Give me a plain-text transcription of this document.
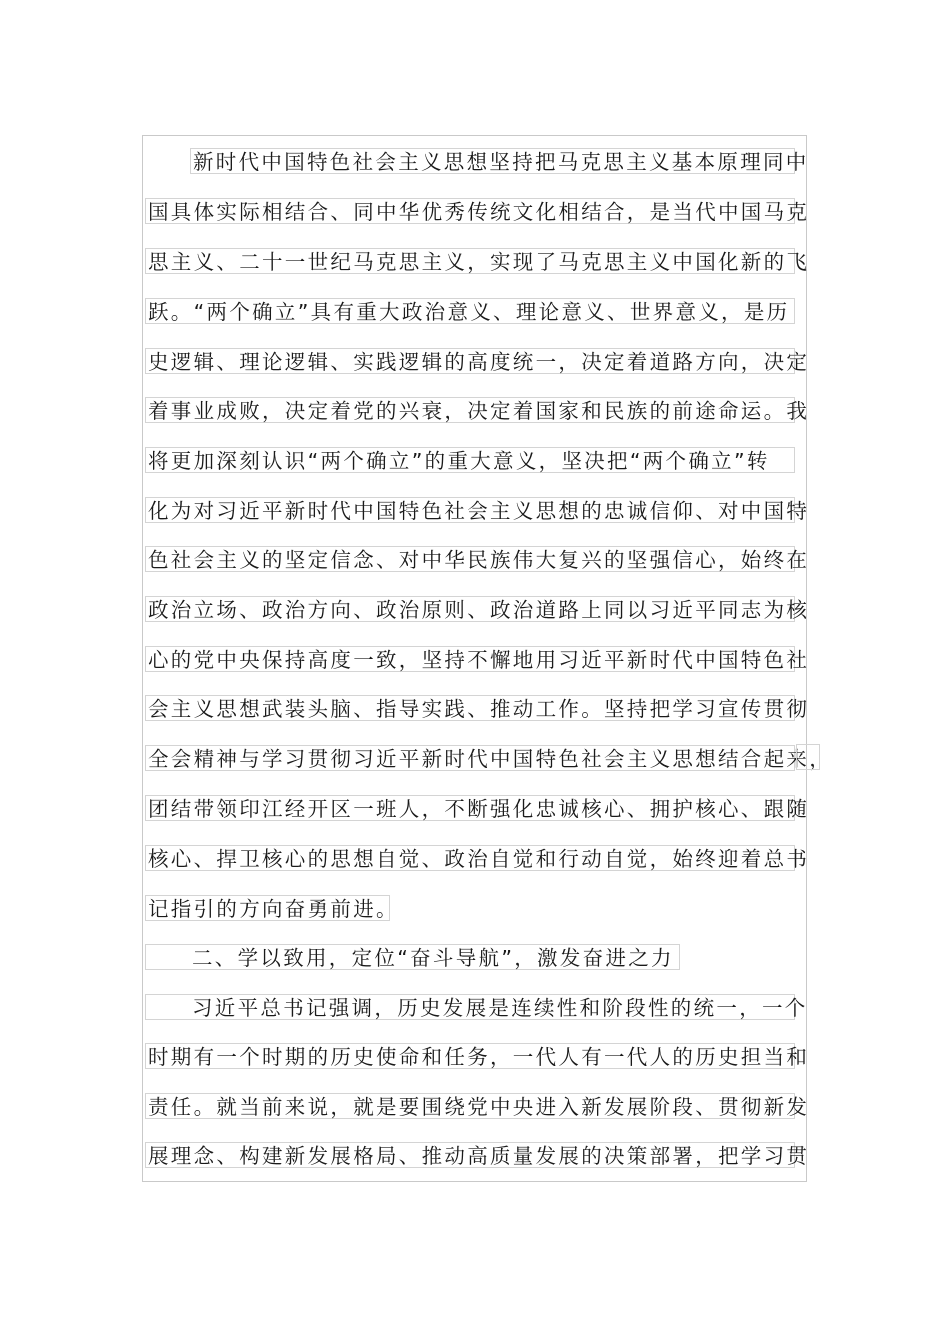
新时代中国特色社会主义思想坚持把马克思主义基本原理同中
国具体实际相结合、同中华优秀传统文化相结合，是当代中国马克
思主义、二十一世纪马克思主义，实现了马克思主义中国化新的飞
跃。“两个确立”具有重大政治意义、理论意义、世界意义，是历
史逻辑、理论逻辑、实践逻辑的高度统一，决定着道路方向，决定
着事业成败，决定着党的兴衰，决定着国家和民族的前途命运。我
将更加深刻认识“两个确立”的重大意义，坚决把“两个确立”转
化为对习近平新时代中国特色社会主义思想的忠诚信仰、对中国特
色社会主义的坚定信念、对中华民族伟大复兴的坚强信心，始终在
政治立场、政治方向、政治原则、政治道路上同以习近平同志为核
心的党中央保持高度一致，坚持不懈地用习近平新时代中国特色社
会主义思想武装头脑、指导实践、推动工作。坚持把学习宣传贯彻
全会精神与学习贯彻习近平新时代中国特色社会主义思想结合起来，
团结带领印江经开区一班人，不断强化忠诚核心、拥护核心、跟随
核心、捍卫核心的思想自觉、政治自觉和行动自觉，始终迎着总书
记指引的方向奋勇前进。
二、学以致用，定位“奋斗导航”，激发奋进之力
习近平总书记强调，历史发展是连续性和阶段性的统一，一个
时期有一个时期的历史使命和任务，一代人有一代人的历史担当和
责任。就当前来说，就是要围绕党中央进入新发展阶段、贯彻新发
展理念、构建新发展格局、推动高质量发展的决策部署，把学习贯
